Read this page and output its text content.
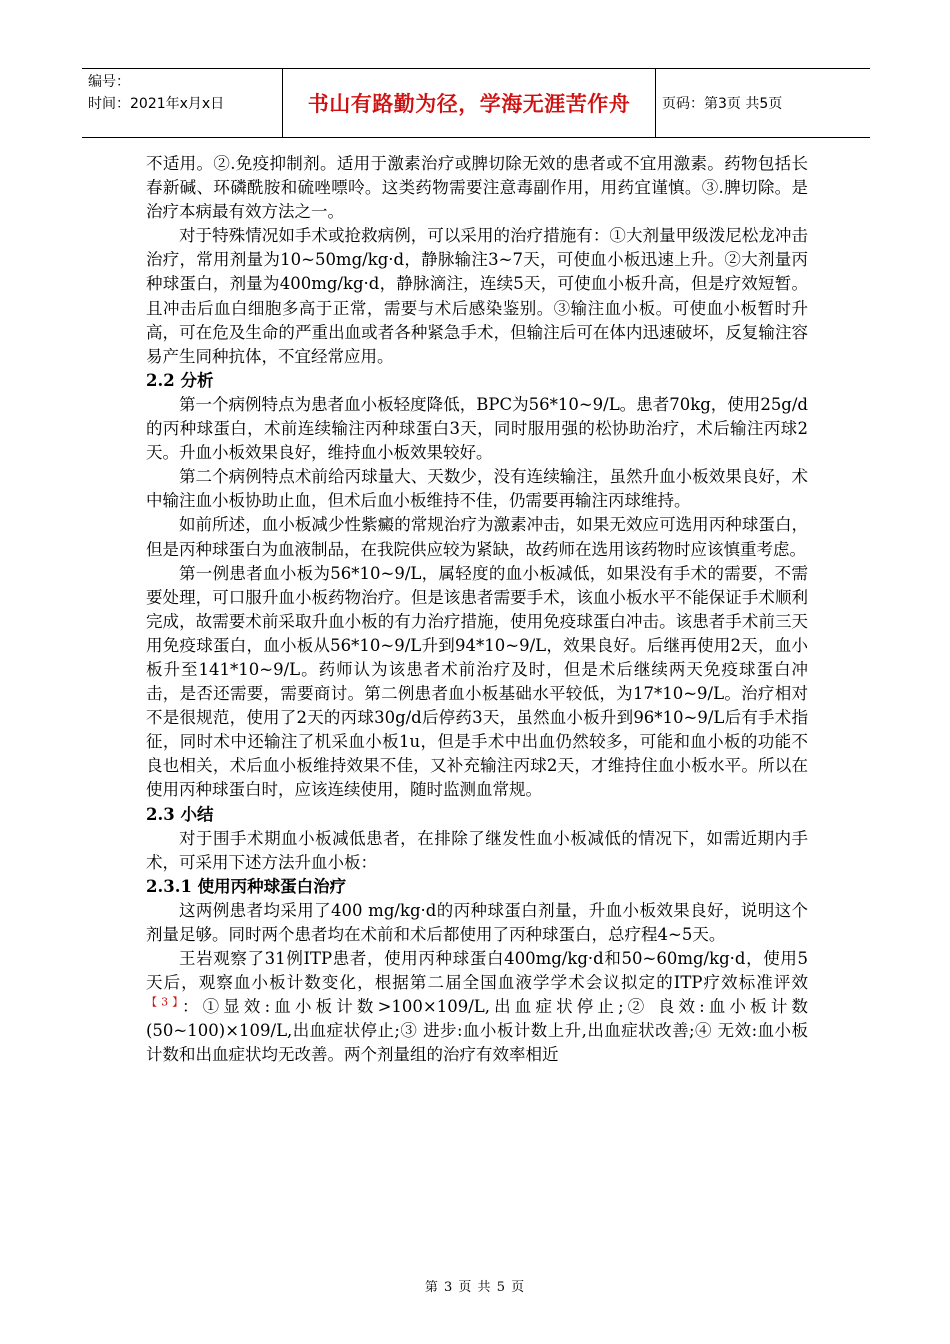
编号：
时间：2021年x月x日	书山有路勤为径，学海无涯苦作舟	页码：第3页 共5页

不适用。②.免疫抑制剂。适用于激素治疗或脾切除无效的患者或不宜用激素。药物包括长春新碱、环磷酰胺和硫唑嘌呤。这类药物需要注意毒副作用，用药宜谨慎。③.脾切除。是治疗本病最有效方法之一。

对于特殊情况如手术或抢救病例，可以采用的治疗措施有：①大剂量甲级泼尼松龙冲击治疗，常用剂量为10~50mg/kg·d，静脉输注3~7天，可使血小板迅速上升。②大剂量丙种球蛋白，剂量为400mg/kg·d，静脉滴注，连续5天，可使血小板升高，但是疗效短暂。且冲击后血白细胞多高于正常，需要与术后感染鉴别。③输注血小板。可使血小板暂时升高，可在危及生命的严重出血或者各种紧急手术，但输注后可在体内迅速破坏，反复输注容易产生同种抗体，不宜经常应用。

2.2 分析

第一个病例特点为患者血小板轻度降低，BPC为56*10~9/L。患者70kg，使用25g/d的丙种球蛋白，术前连续输注丙种球蛋白3天，同时服用强的松协助治疗，术后输注丙球2天。升血小板效果良好，维持血小板效果较好。

第二个病例特点术前给丙球量大、天数少，没有连续输注，虽然升血小板效果良好，术中输注血小板协助止血，但术后血小板维持不佳，仍需要再输注丙球维持。

如前所述，血小板减少性紫癜的常规治疗为激素冲击，如果无效应可选用丙种球蛋白，但是丙种球蛋白为血液制品，在我院供应较为紧缺，故药师在选用该药物时应该慎重考虑。

第一例患者血小板为56*10~9/L，属轻度的血小板减低，如果没有手术的需要，不需要处理，可口服升血小板药物治疗。但是该患者需要手术，该血小板水平不能保证手术顺利完成，故需要术前采取升血小板的有力治疗措施，使用免疫球蛋白冲击。该患者手术前三天用免疫球蛋白，血小板从56*10~9/L升到94*10~9/L，效果良好。后继再使用2天，血小板升至141*10~9/L。药师认为该患者术前治疗及时，但是术后继续两天免疫球蛋白冲击，是否还需要，需要商讨。第二例患者血小板基础水平较低，为17*10~9/L。治疗相对不是很规范，使用了2天的丙球30g/d后停药3天，虽然血小板升到96*10~9/L后有手术指征，同时术中还输注了机采血小板1u，但是手术中出血仍然较多，可能和血小板的功能不良也相关，术后血小板维持效果不佳，又补充输注丙球2天，才维持住血小板水平。所以在使用丙种球蛋白时，应该连续使用，随时监测血常规。

2.3 小结

对于围手术期血小板减低患者，在排除了继发性血小板减低的情况下，如需近期内手术，可采用下述方法升血小板：

2.3.1 使用丙种球蛋白治疗

这两例患者均采用了400 mg/kg·d的丙种球蛋白剂量，升血小板效果良好，说明这个剂量足够。同时两个患者均在术前和术后都使用了丙种球蛋白，总疗程4~5天。

王岩观察了31例ITP患者，使用丙种球蛋白400mg/kg·d和50~60mg/kg·d，使用5天后，观察血小板计数变化，根据第二届全国血液学学术会议拟定的ITP疗效标准评效$^{【3】}$：①显效:血小板计数>100×109/L,出血症状停止;② 良效:血小板计数(50~100)×109/L,出血症状停止;③ 进步:血小板计数上升,出血症状改善;④ 无效:血小板计数和出血症状均无改善。两个剂量组的治疗有效率相近

第 3 页 共 5 页
